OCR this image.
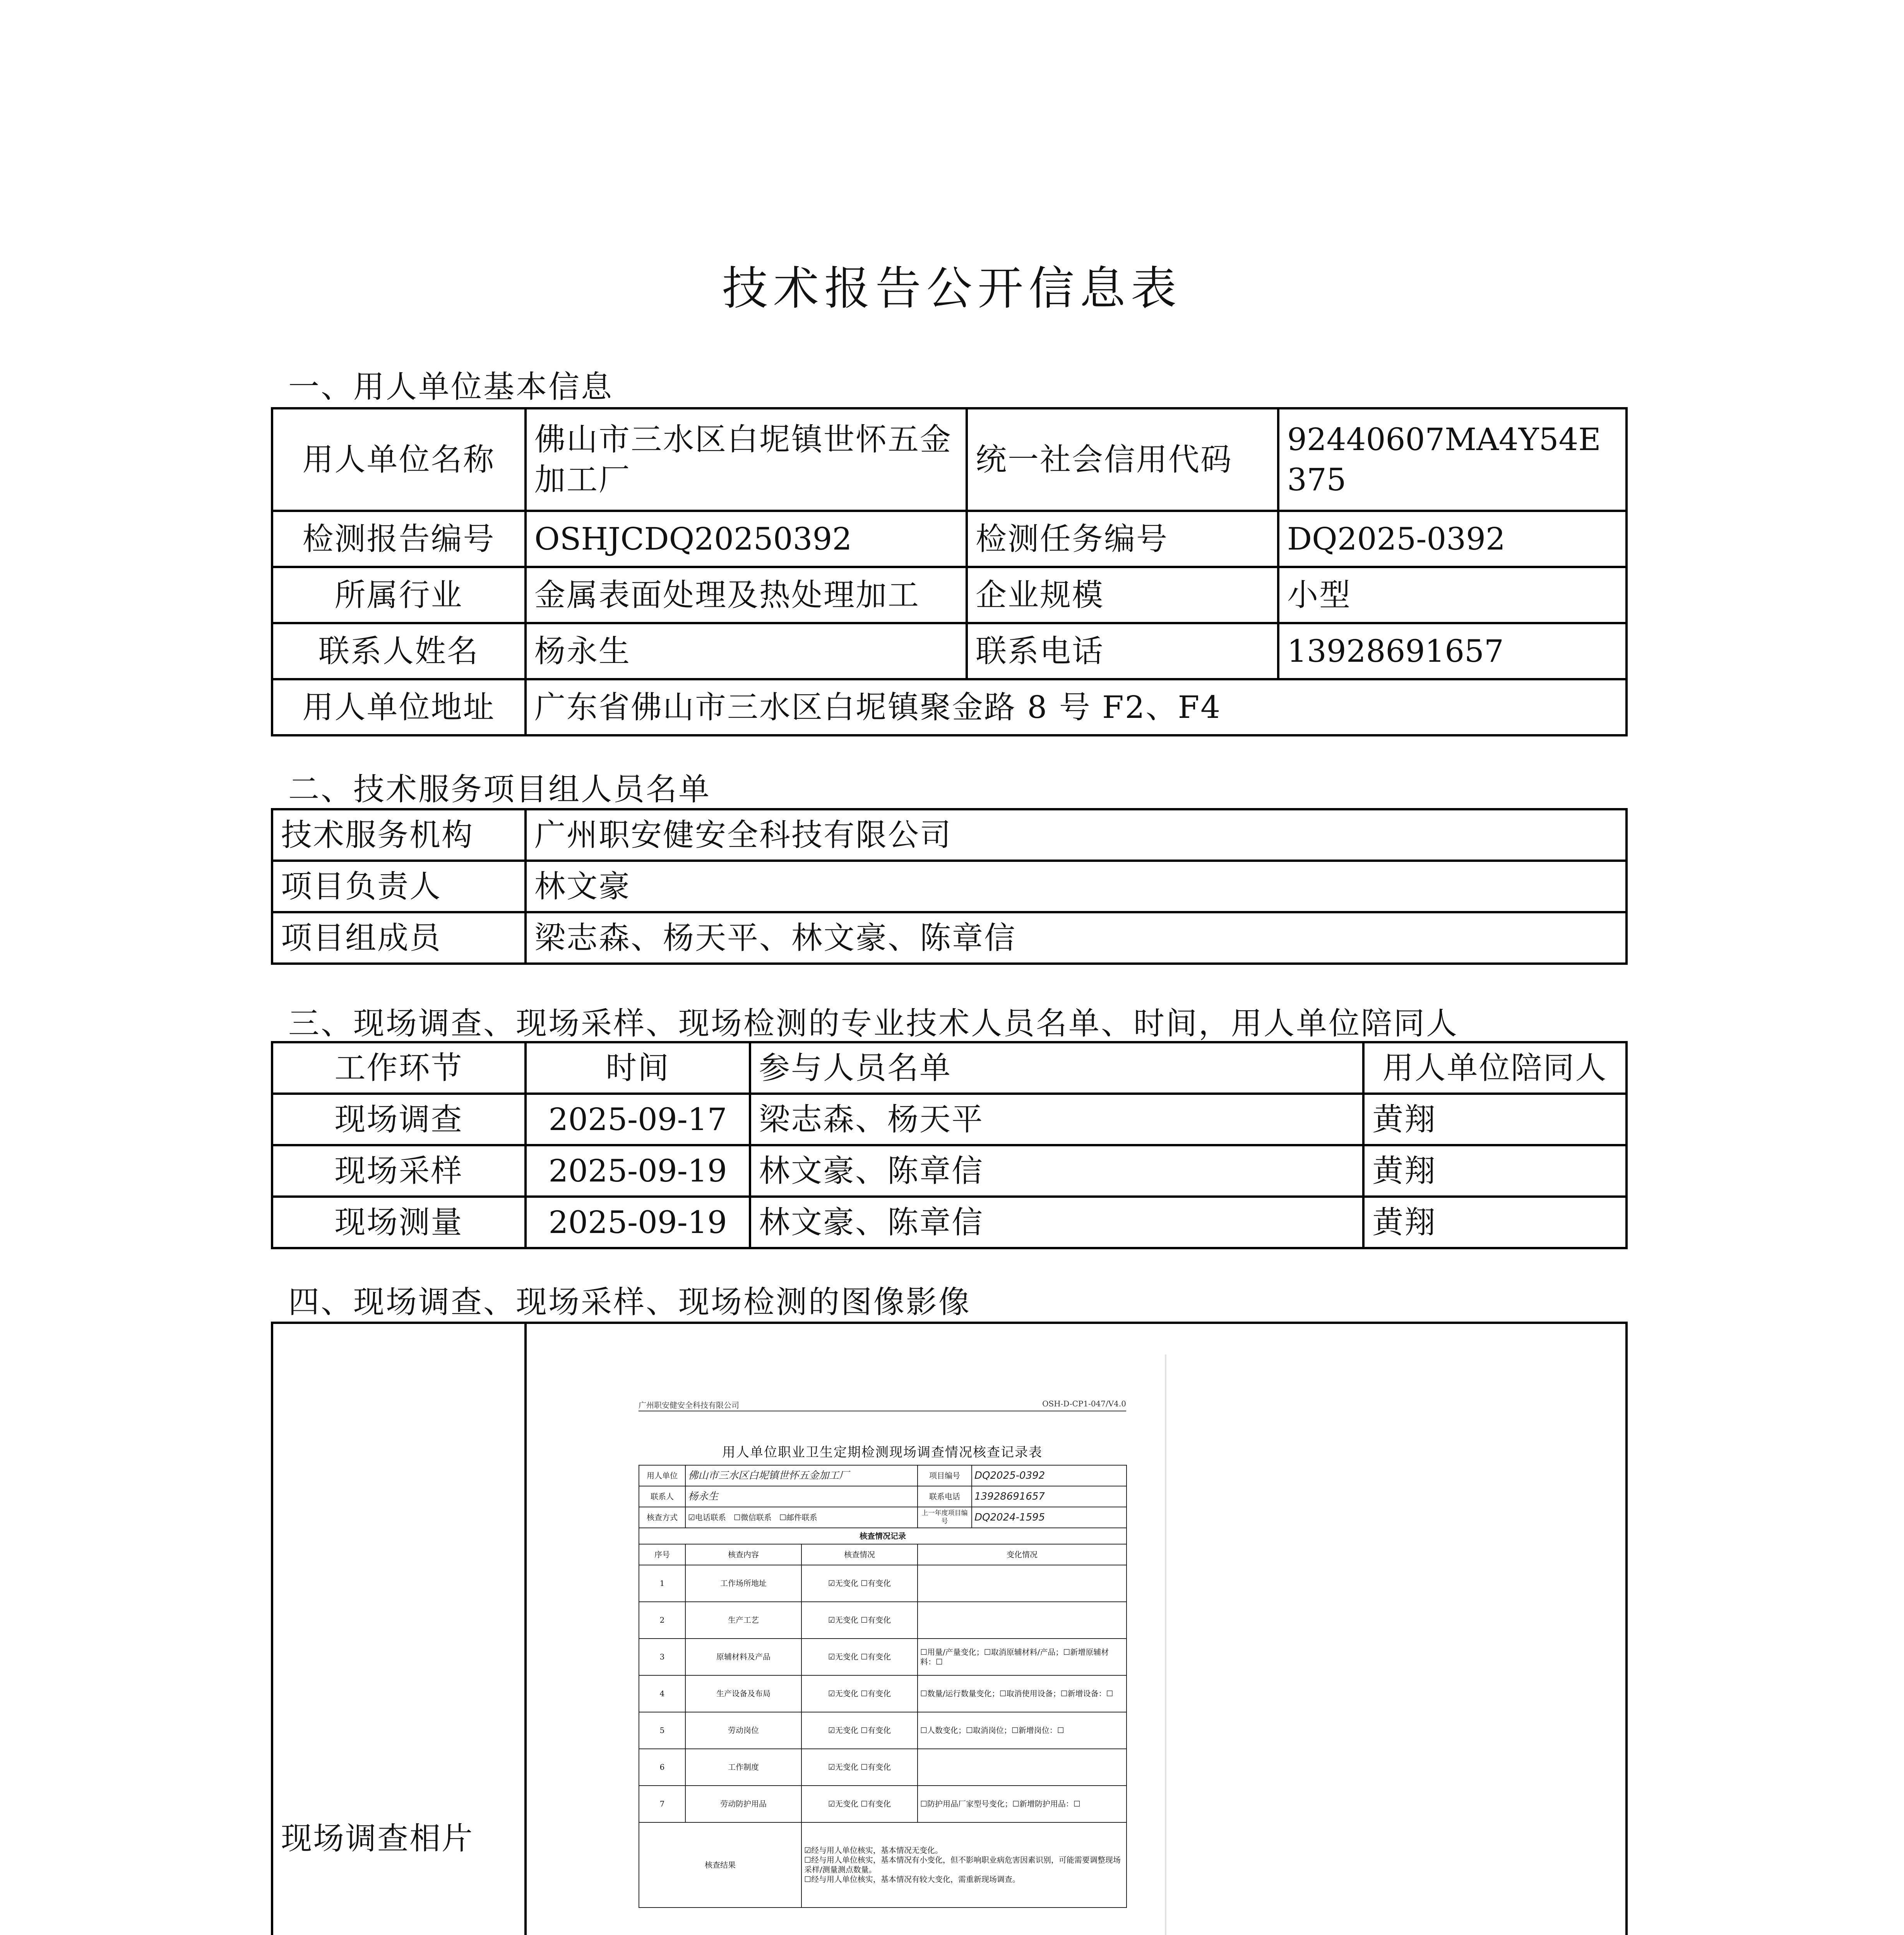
技术报告公开信息表
一、用人单位基本信息
用人单位名称	佛山市三水区白坭镇世怀五金加工厂	统一社会信用代码	92440607MA4Y54E375
检测报告编号	OSHJCDQ20250392	检测任务编号	DQ2025-0392
所属行业	金属表面处理及热处理加工	企业规模	小型
联系人姓名	杨永生	联系电话	13928691657
用人单位地址	广东省佛山市三水区白坭镇聚金路 8 号 F2、F4		
二、技术服务项目组人员名单
技术服务机构	广州职安健安全科技有限公司
项目负责人	林文豪
项目组成员	梁志森、杨天平、林文豪、陈章信
三、现场调查、现场采样、现场检测的专业技术人员名单、时间，用人单位陪同人
工作环节	时间	参与人员名单	用人单位陪同人
现场调查	2025-09-17	梁志森、杨天平	黄翔
现场采样	2025-09-19	林文豪、陈章信	黄翔
现场测量	2025-09-19	林文豪、陈章信	黄翔
四、现场调查、现场采样、现场检测的图像影像
现场调查相片	
广州职安健安全科技有限公司	OSH-D-CP1-047/V4.0
用人单位职业卫生定期检测现场调查情况核查记录表
用人单位	佛山市三水区白坭镇世怀五金加工厂		项目编号	DQ2025-0392
联系人	杨永生		联系电话	13928691657
核查方式	☑电话联系　☐微信联系　☐邮件联系		上一年度项目编号	DQ2024-1595
核查情况记录				
序号	核查内容	核查情况	变化情况	
1	工作场所地址	☑无变化 ☐有变化		
2	生产工艺	☑无变化 ☐有变化		
3	原辅材料及产品	☑无变化 ☐有变化	☐用量/产量变化；☐取消原辅材料/产品；☐新增原辅材料：☐	
4	生产设备及布局	☑无变化 ☐有变化	☐数量/运行数量变化；☐取消使用设备；☐新增设备：☐	
5	劳动岗位	☑无变化 ☐有变化	☐人数变化；☐取消岗位；☐新增岗位：☐	
6	工作制度	☑无变化 ☐有变化		
7	劳动防护用品	☑无变化 ☐有变化	☐防护用品厂家型号变化；☐新增防护用品：☐	
核查结果		☑经与用人单位核实，基本情况无变化。
☐经与用人单位核实，基本情况有小变化，但不影响职业病危害因素识别，可能需要调整现场采样/测量测点数量。
☐经与用人单位核实，基本情况有较大变化，需重新现场调查。		
